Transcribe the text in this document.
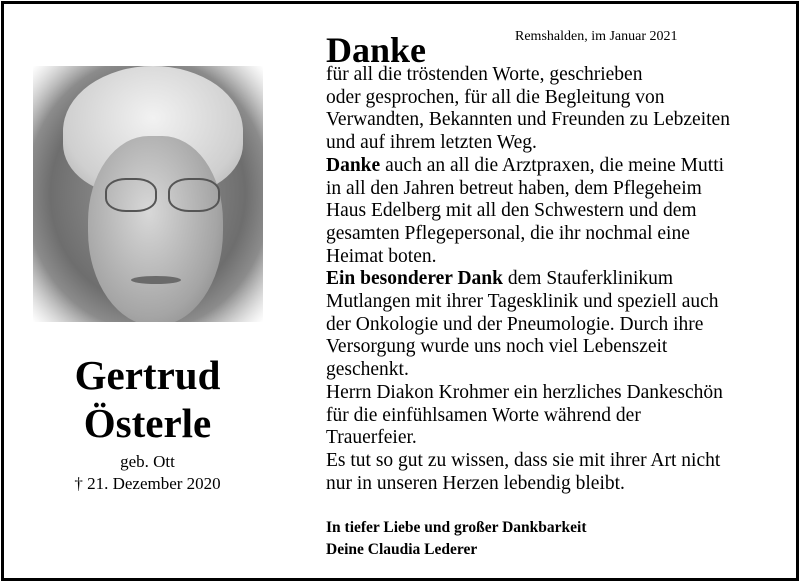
Gertrud
Österle
geb. Ott
† 21. Dezember 2020
Remshalden, im Januar 2021
Danke
für all die tröstenden Worte, geschrieben
oder gesprochen, für all die Begleitung von
Verwandten, Bekannten und Freunden zu Lebzeiten
und auf ihrem letzten Weg.
Danke auch an all die Arztpraxen, die meine Mutti
in all den Jahren betreut haben, dem Pflegeheim
Haus Edelberg mit all den Schwestern und dem
gesamten Pflegepersonal, die ihr nochmal eine
Heimat boten.
Ein besonderer Dank dem Stauferklinikum
Mutlangen mit ihrer Tagesklinik und speziell auch
der Onkologie und der Pneumologie. Durch ihre
Versorgung wurde uns noch viel Lebenszeit
geschenkt.
Herrn Diakon Krohmer ein herzliches Dankeschön
für die einfühlsamen Worte während der
Trauerfeier.
Es tut so gut zu wissen, dass sie mit ihrer Art nicht
nur in unseren Herzen lebendig bleibt.
In tiefer Liebe und großer Dankbarkeit
Deine Claudia Lederer
